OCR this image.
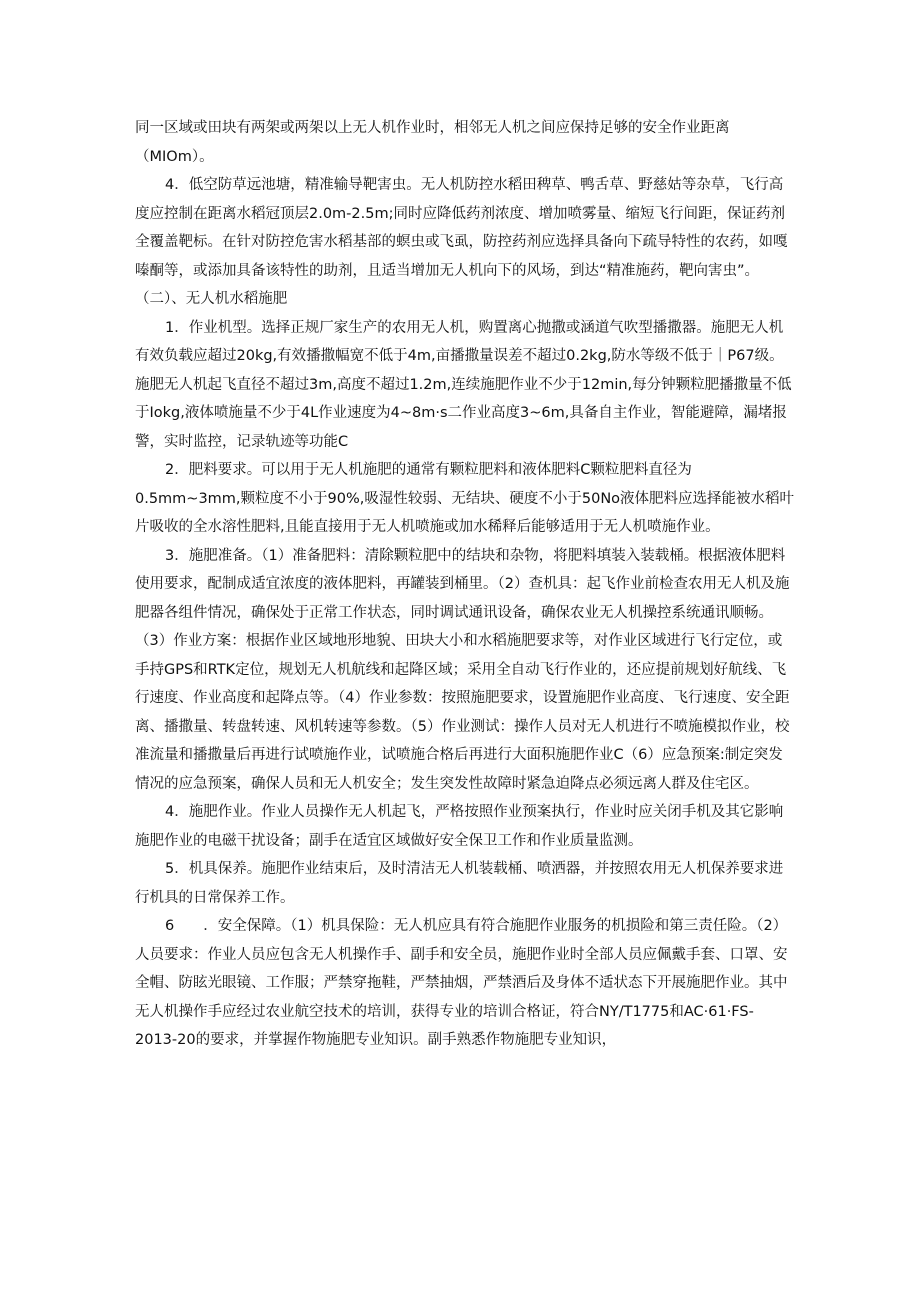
同一区域或田块有两架或两架以上无人机作业时，相邻无人机之间应保持足够的安全作业距离（MIOm）。

4．低空防草远池塘，精准输导靶害虫。无人机防控水稻田稗草、鸭舌草、野慈姑等杂草，飞行高度应控制在距离水稻冠顶层2.0m-2.5m;同时应降低药剂浓度、增加喷雾量、缩短飞行间距，保证药剂全覆盖靶标。在针对防控危害水稻基部的螟虫或飞虱，防控药剂应选择具备向下疏导特性的农药，如嘎嗪酮等，或添加具备该特性的助剂，且适当增加无人机向下的风场，到达“精准施药，靶向害虫”。

（二）、无人机水稻施肥

1．作业机型。选择正规厂家生产的农用无人机，购置离心抛撒或涵道气吹型播撒器。施肥无人机有效负载应超过20kg,有效播撒幅宽不低于4m,亩播撒量误差不超过0.2kg,防水等级不低于｜P67级。施肥无人机起飞直径不超过3m,高度不超过1.2m,连续施肥作业不少于12min,每分钟颗粒肥播撒量不低于Iokg,液体喷施量不少于4L作业速度为4~8m·s二作业高度3~6m,具备自主作业，智能避障，漏堵报警，实时监控，记录轨迹等功能C

2．肥料要求。可以用于无人机施肥的通常有颗粒肥料和液体肥料C颗粒肥料直径为0.5mm~3mm,颗粒度不小于90%,吸湿性较弱、无结块、硬度不小于50No液体肥料应选择能被水稻叶片吸收的全水溶性肥料,且能直接用于无人机喷施或加水稀释后能够适用于无人机喷施作业。

3．施肥准备。（1）准备肥料：清除颗粒肥中的结块和杂物，将肥料填装入装载桶。根据液体肥料使用要求，配制成适宜浓度的液体肥料，再罐装到桶里。（2）查机具：起飞作业前检查农用无人机及施肥器各组件情况，确保处于正常工作状态，同时调试通讯设备，确保农业无人机操控系统通讯顺畅。（3）作业方案：根据作业区域地形地貌、田块大小和水稻施肥要求等，对作业区域进行飞行定位，或手持GPS和RTK定位，规划无人机航线和起降区域；采用全自动飞行作业的，还应提前规划好航线、飞行速度、作业高度和起降点等。（4）作业参数：按照施肥要求，设置施肥作业高度、飞行速度、安全距离、播撒量、转盘转速、风机转速等参数。（5）作业测试：操作人员对无人机进行不喷施模拟作业，校准流量和播撒量后再进行试喷施作业，试喷施合格后再进行大面积施肥作业C（6）应急预案:制定突发情况的应急预案，确保人员和无人机安全；发生突发性故障时紧急迫降点必须远离人群及住宅区。

4．施肥作业。作业人员操作无人机起飞，严格按照作业预案执行，作业时应关闭手机及其它影响施肥作业的电磁干扰设备；副手在适宜区域做好安全保卫工作和作业质量监测。

5．机具保养。施肥作业结束后，及时清洁无人机装载桶、喷洒器，并按照农用无人机保养要求进行机具的日常保养工作。

6　　．安全保障。（1）机具保险：无人机应具有符合施肥作业服务的机损险和第三责任险。（2）人员要求：作业人员应包含无人机操作手、副手和安全员，施肥作业时全部人员应佩戴手套、口罩、安全帽、防眩光眼镜、工作服；严禁穿拖鞋，严禁抽烟，严禁酒后及身体不适状态下开展施肥作业。其中无人机操作手应经过农业航空技术的培训，获得专业的培训合格证，符合NY/T1775和AC·61·FS-2013-20的要求，并掌握作物施肥专业知识。副手熟悉作物施肥专业知识，
